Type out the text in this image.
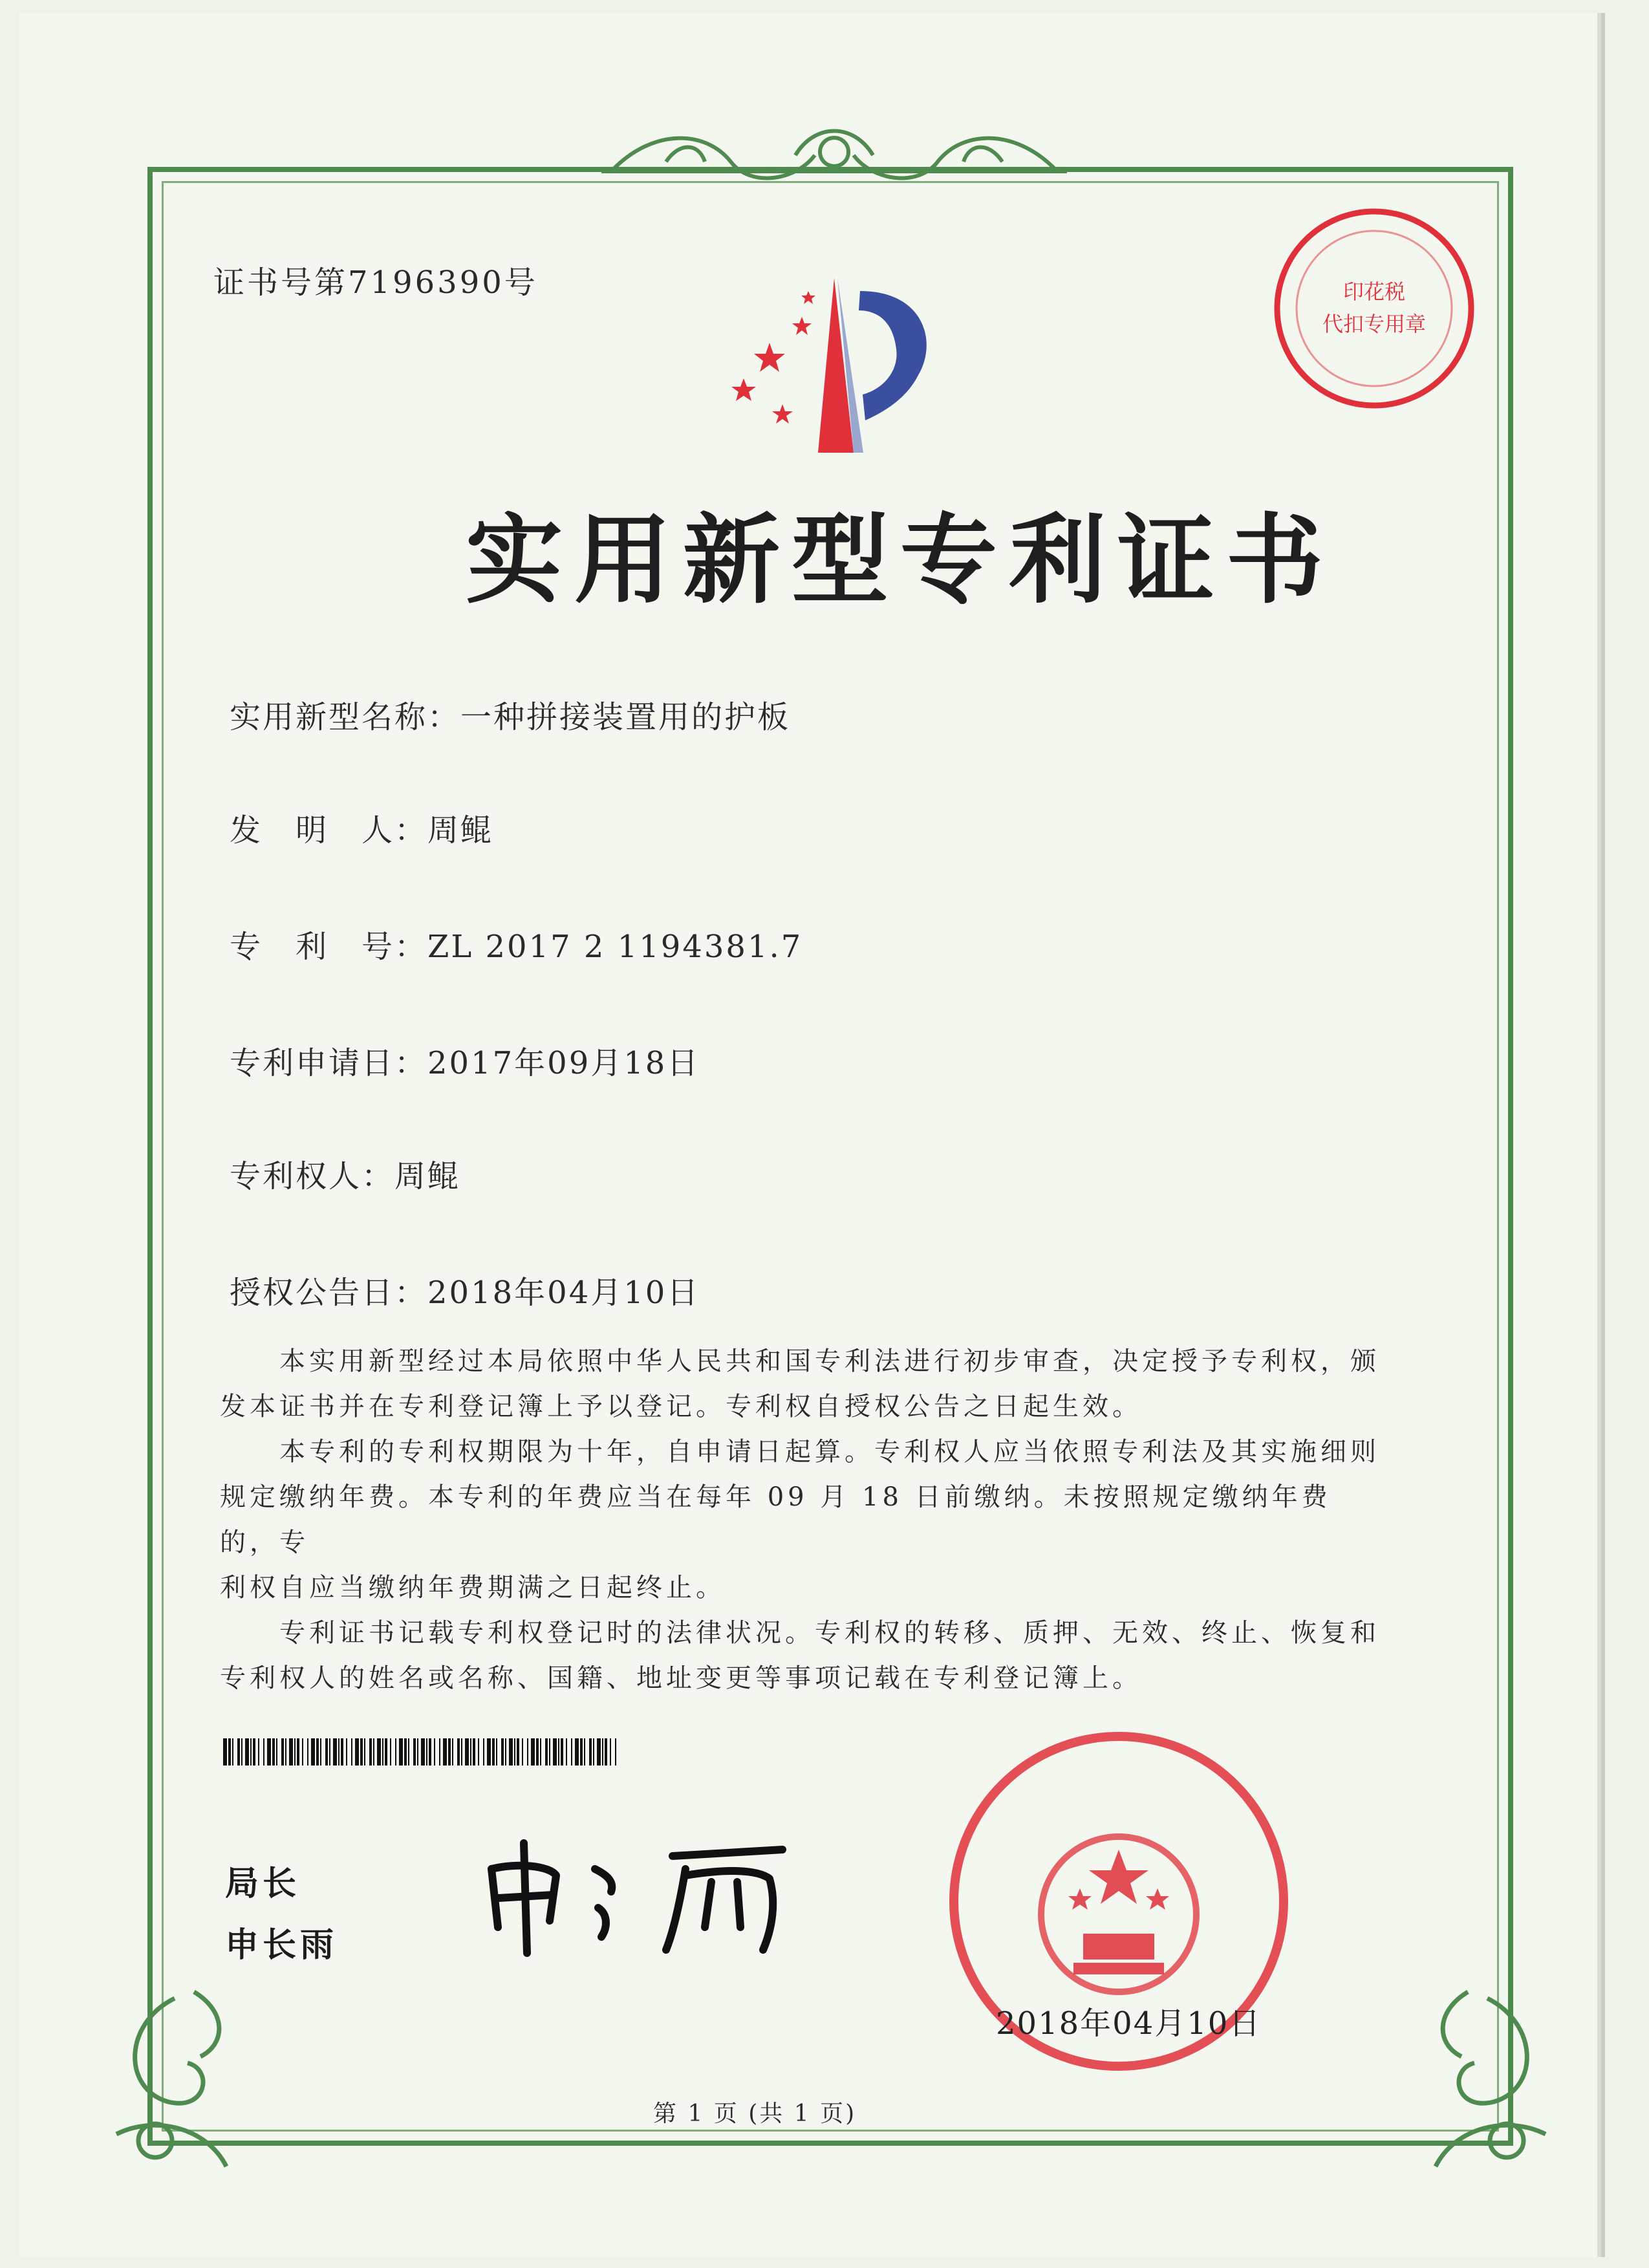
证书号第7196390号	印花税
代扣专用章
实用新型专利证书
实用新型名称：一种拼接装置用的护板
发　明　人：周鲲
专　利　号：ZL 2017 2 1194381.7
专利申请日：2017年09月18日
专利权人：周鲲
授权公告日：2018年04月10日
　　本实用新型经过本局依照中华人民共和国专利法进行初步审查，决定授予专利权，颁
发本证书并在专利登记簿上予以登记。专利权自授权公告之日起生效。
　　本专利的专利权期限为十年，自申请日起算。专利权人应当依照专利法及其实施细则
规定缴纳年费。本专利的年费应当在每年 09 月 18 日前缴纳。未按照规定缴纳年费的，专
利权自应当缴纳年费期满之日起终止。
　　专利证书记载专利权登记时的法律状况。专利权的转移、质押、无效、终止、恢复和
专利权人的姓名或名称、国籍、地址变更等事项记载在专利登记簿上。
局长
申长雨
2018年04月10日
第 1 页 (共 1 页)
